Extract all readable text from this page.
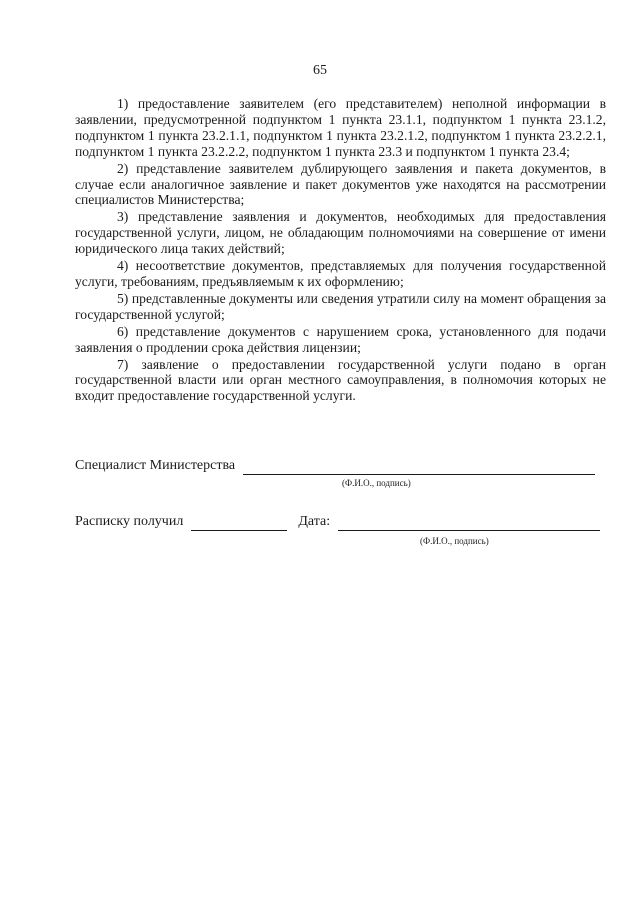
65

1) предоставление заявителем (его представителем) неполной информации в заявлении, предусмотренной подпунктом 1 пункта 23.1.1, подпунктом 1 пункта 23.1.2, подпунктом 1 пункта 23.2.1.1, подпунктом 1 пункта 23.2.1.2, подпунктом 1 пункта 23.2.2.1, подпунктом 1 пункта 23.2.2.2, подпунктом 1 пункта 23.3 и подпунктом 1 пункта 23.4;

2) представление заявителем дублирующего заявления и пакета документов, в случае если аналогичное заявление и пакет документов уже находятся на рассмотрении специалистов Министерства;

3) представление заявления и документов, необходимых для предоставления государственной услуги, лицом, не обладающим полномочиями на совершение от имени юридического лица таких действий;

4) несоответствие документов, представляемых для получения государственной услуги, требованиям, предъявляемым к их оформлению;

5) представленные документы или сведения утратили силу на момент обращения за государственной услугой;

6) представление документов с нарушением срока, установленного для подачи заявления о продлении срока действия лицензии;

7) заявление о предоставлении государственной услуги подано в орган государственной власти или орган местного самоуправления, в полномочия которых не входит предоставление государственной услуги.

Специалист Министерства
(Ф.И.О., подпись)
Расписку получил	Дата:
(Ф.И.О., подпись)
